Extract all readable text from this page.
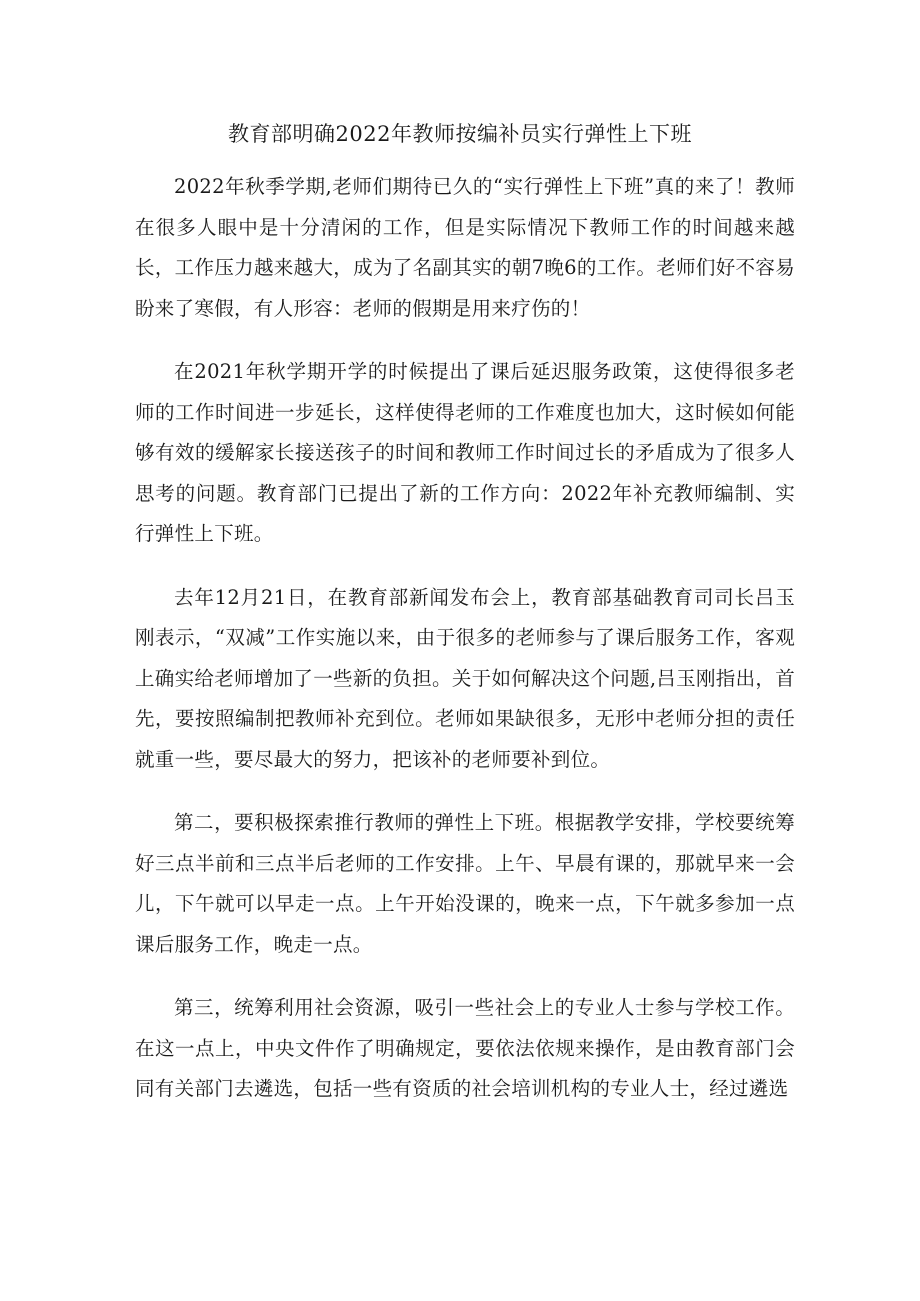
教育部明确2022年教师按编补员实行弹性上下班

2022年秋季学期,老师们期待已久的“实行弹性上下班”真的来了！教师在很多人眼中是十分清闲的工作，但是实际情况下教师工作的时间越来越长，工作压力越来越大，成为了名副其实的朝7晚6的工作。老师们好不容易盼来了寒假，有人形容：老师的假期是用来疗伤的！

在2021年秋学期开学的时候提出了课后延迟服务政策，这使得很多老师的工作时间进一步延长，这样使得老师的工作难度也加大，这时候如何能够有效的缓解家长接送孩子的时间和教师工作时间过长的矛盾成为了很多人思考的问题。教育部门已提出了新的工作方向：2022年补充教师编制、实行弹性上下班。

去年12月21日，在教育部新闻发布会上，教育部基础教育司司长吕玉刚表示，“双减”工作实施以来，由于很多的老师参与了课后服务工作，客观上确实给老师增加了一些新的负担。关于如何解决这个问题,吕玉刚指出，首先，要按照编制把教师补充到位。老师如果缺很多，无形中老师分担的责任就重一些，要尽最大的努力，把该补的老师要补到位。

第二，要积极探索推行教师的弹性上下班。根据教学安排，学校要统筹好三点半前和三点半后老师的工作安排。上午、早晨有课的，那就早来一会儿，下午就可以早走一点。上午开始没课的，晚来一点，下午就多参加一点课后服务工作，晚走一点。

第三，统筹利用社会资源，吸引一些社会上的专业人士参与学校工作。在这一点上，中央文件作了明确规定，要依法依规来操作，是由教育部门会同有关部门去遴选，包括一些有资质的社会培训机构的专业人士，经过遴选
